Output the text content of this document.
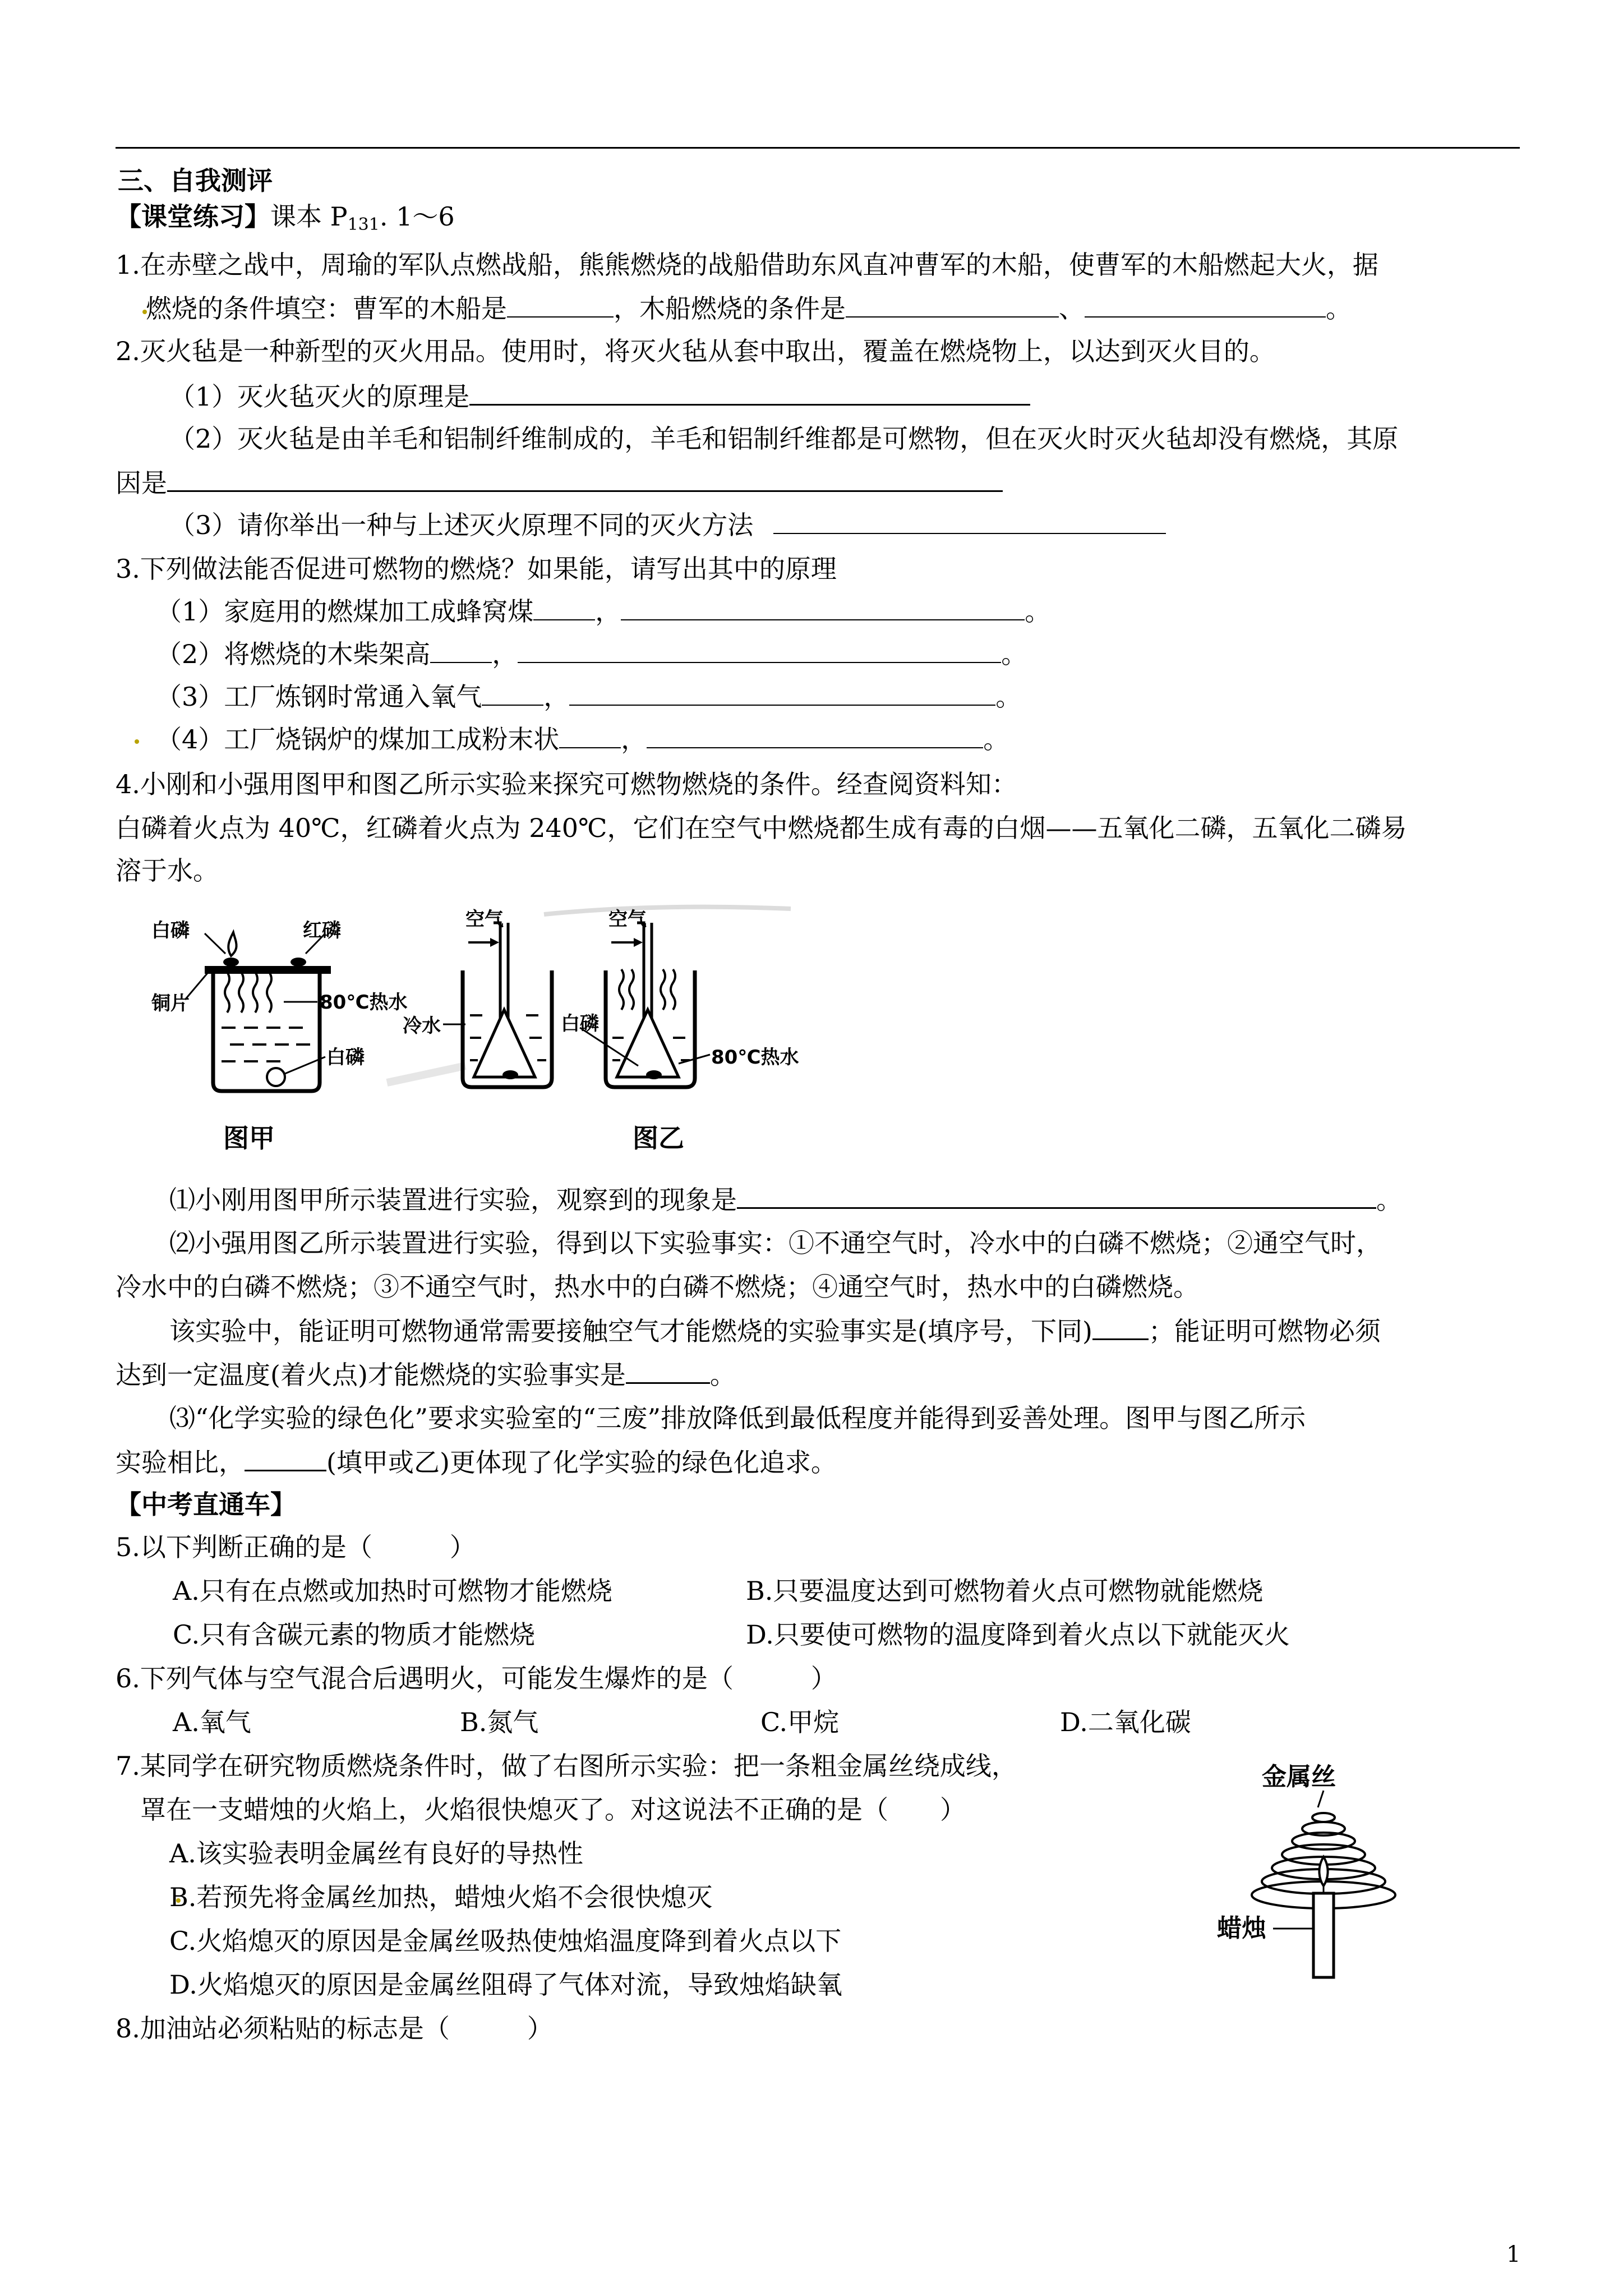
三、自我测评
【课堂练习】课本 $P_{131}$. 1～6
1.在赤壁之战中，周瑜的军队点燃战船，熊熊燃烧的战船借助东风直冲曹军的木船，使曹军的木船燃起大火，据
燃烧的条件填空：曹军的木船是	，木船燃烧的条件是	、	。
2.灭火毡是一种新型的灭火用品。使用时，将灭火毡从套中取出，覆盖在燃烧物上，以达到灭火目的。
（1）灭火毡灭火的原理是
（2）灭火毡是由羊毛和铝制纤维制成的，羊毛和铝制纤维都是可燃物，但在灭火时灭火毡却没有燃烧，其原
因是
（3）请你举出一种与上述灭火原理不同的灭火方法
3.下列做法能否促进可燃物的燃烧？如果能，请写出其中的原理
（1）家庭用的燃煤加工成蜂窝煤 ，	。
（2）将燃烧的木柴架高 ，	。
（3）工厂炼钢时常通入氧气 ，	。
（4）工厂烧锅炉的煤加工成粉末状 ，	。
4.小刚和小强用图甲和图乙所示实验来探究可燃物燃烧的条件。经查阅资料知：
白磷着火点为 40℃，红磷着火点为 240℃，它们在空气中燃烧都生成有毒的白烟——五氧化二磷，五氧化二磷易
溶于水。
白磷	红磷
铜片	80℃热水
白磷
图甲
空气	空气
冷水	白磷
80℃热水
图乙
⑴小刚用图甲所示装置进行实验，观察到的现象是	。
⑵小强用图乙所示装置进行实验，得到以下实验事实：①不通空气时，冷水中的白磷不燃烧；②通空气时，
冷水中的白磷不燃烧；③不通空气时，热水中的白磷不燃烧；④通空气时，热水中的白磷燃烧。
该实验中，能证明可燃物通常需要接触空气才能燃烧的实验事实是(填序号，下同) ；能证明可燃物必须
达到一定温度(着火点)才能燃烧的实验事实是	。
⑶“化学实验的绿色化”要求实验室的“三废”排放降低到最低程度并能得到妥善处理。图甲与图乙所示
实验相比，	(填甲或乙)更体现了化学实验的绿色化追求。
【中考直通车】
5.以下判断正确的是（　　　）
A.只有在点燃或加热时可燃物才能燃烧	B.只要温度达到可燃物着火点可燃物就能燃烧
C.只有含碳元素的物质才能燃烧	D.只要使可燃物的温度降到着火点以下就能灭火
6.下列气体与空气混合后遇明火，可能发生爆炸的是（　　　）
A.氧气	B.氮气	C.甲烷	D.二氧化碳
7.某同学在研究物质燃烧条件时，做了右图所示实验：把一条粗金属丝绕成线，
罩在一支蜡烛的火焰上，火焰很快熄灭了。对这说法不正确的是（　　）
A.该实验表明金属丝有良好的导热性
B.若预先将金属丝加热，蜡烛火焰不会很快熄灭
C.火焰熄灭的原因是金属丝吸热使烛焰温度降到着火点以下
D.火焰熄灭的原因是金属丝阻碍了气体对流，导致烛焰缺氧
金属丝
蜡烛
8.加油站必须粘贴的标志是（　　　）
1
